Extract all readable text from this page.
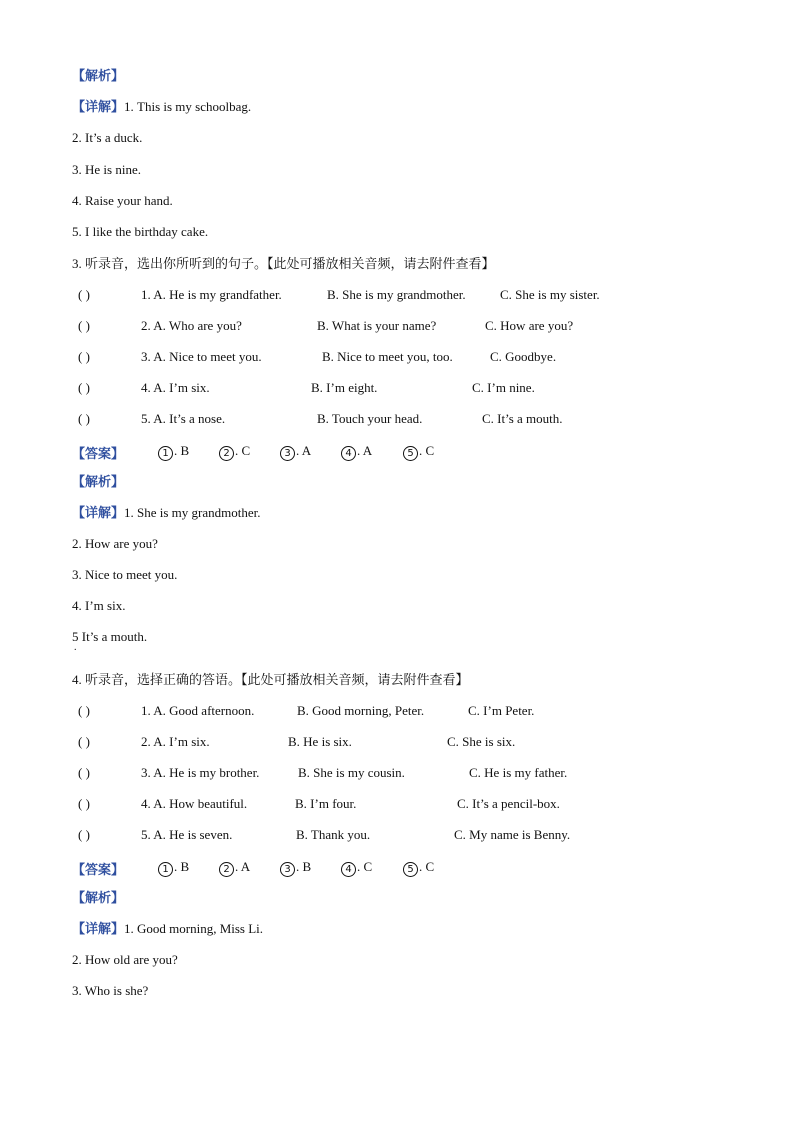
【解析】
【详解】1. This is my schoolbag.
2. It’s a duck.
3. He is nine.
4. Raise your hand.
5. I like the birthday cake.
3. 听录音，选出你所听到的句子。【此处可播放相关音频，请去附件查看】
( )	1. A. He is my grandfather.	B. She is my grandmother.	C. She is my sister.
( )	2. A. Who are you?	B. What is your name?	C. How are you?
( )	3. A. Nice to meet you.	B. Nice to meet you, too.	C. Goodbye.
( )	4. A. I’m six.	B. I’m eight.	C. I’m nine.
( )	5. A. It’s a nose.	B. Touch your head.	C. It’s a mouth.
【答案】	1 . B	2 . C	3 . A	4 . A	5 . C
【解析】
【详解】1. She is my grandmother.
2. How are you?
3. Nice to meet you.
4. I’m six.
5 It’s a mouth.
.
4. 听录音，选择正确的答语。【此处可播放相关音频，请去附件查看】
( )	1. A. Good afternoon.	B. Good morning, Peter.	C. I’m Peter.
( )	2. A. I’m six.	B. He is six.	C. She is six.
( )	3. A. He is my brother.	B. She is my cousin.	C. He is my father.
( )	4. A. How beautiful.	B. I’m four.	C. It’s a pencil-box.
( )	5. A. He is seven.	B. Thank you.	C. My name is Benny.
【答案】	1 . B	2 . A	3 . B	4 . C	5 . C
【解析】
【详解】1. Good morning, Miss Li.
2. How old are you?
3. Who is she?
